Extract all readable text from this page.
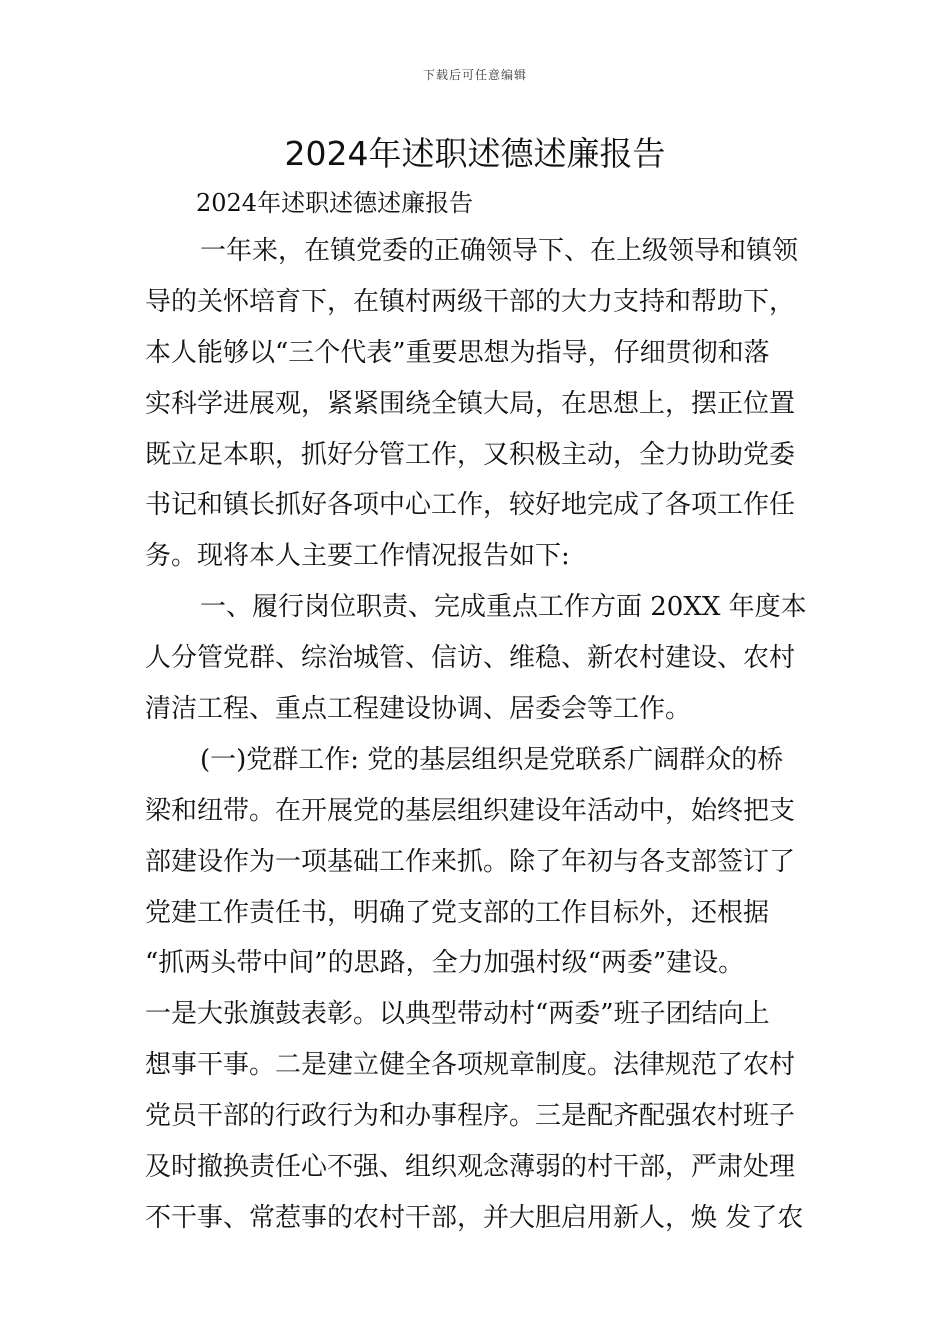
下载后可任意编辑
2024年述职述德述廉报告
2024年述职述德述廉报告
一年来，在镇党委的正确领导下、在上级领导和镇领
导的关怀培育下，在镇村两级干部的大力支持和帮助下，
本人能够以“三个代表”重要思想为指导，仔细贯彻和落
实科学进展观，紧紧围绕全镇大局，在思想上，摆正位置
既立足本职，抓好分管工作，又积极主动，全力协助党委
书记和镇长抓好各项中心工作，较好地完成了各项工作任
务。现将本人主要工作情况报告如下:
一、履行岗位职责、完成重点工作方面 20XX 年度本
人分管党群、综治城管、信访、维稳、新农村建设、农村
清洁工程、重点工程建设协调、居委会等工作。
(一)党群工作: 党的基层组织是党联系广阔群众的桥
梁和纽带。在开展党的基层组织建设年活动中，始终把支
部建设作为一项基础工作来抓。除了年初与各支部签订了
党建工作责任书，明确了党支部的工作目标外，还根据
“抓两头带中间”的思路，全力加强村级“两委”建设。
一是大张旗鼓表彰。以典型带动村“两委”班子团结向上
想事干事。二是建立健全各项规章制度。法律规范了农村
党员干部的行政行为和办事程序。三是配齐配强农村班子
及时撤换责任心不强、组织观念薄弱的村干部，严肃处理
不干事、常惹事的农村干部，并大胆启用新人，焕 发了农
